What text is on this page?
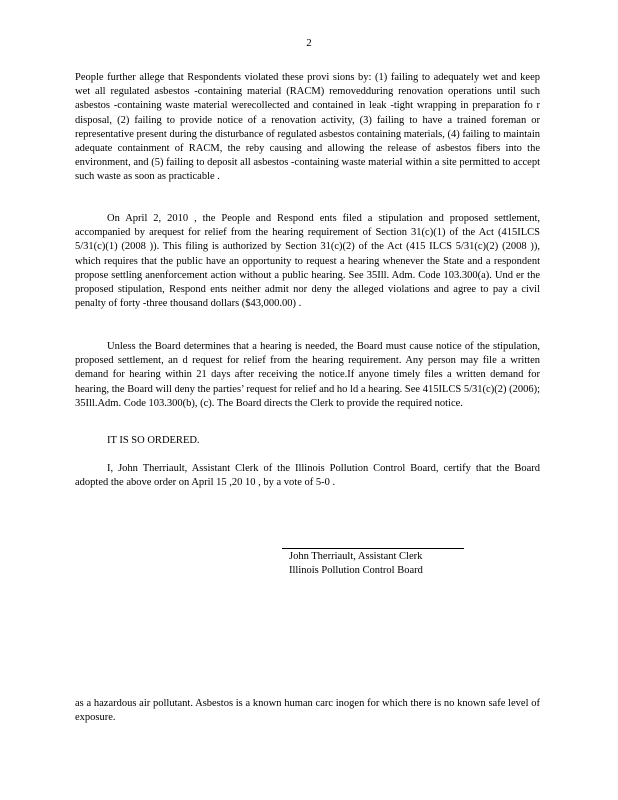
2

People further allege that Respondents violated these provi sions by: (1) failing to adequately wet and keep wet all regulated asbestos -containing material (RACM) removedduring renovation operations until such asbestos -containing waste material werecollected and contained in leak -tight wrapping in preparation fo r disposal, (2) failing to provide notice of a renovation activity, (3) failing to have a trained foreman or representative present during the disturbance of regulated asbestos containing materials, (4) failing to maintain adequate containment of RACM, the reby causing and allowing the release of asbestos fibers into the environment, and (5) failing to deposit all asbestos -containing waste material within a site permitted to accept such waste as soon as practicable .

On April 2, 2010 , the People and Respond ents filed a stipulation and proposed settlement, accompanied by arequest for relief from the hearing requirement of Section 31(c)(1) of the Act (415ILCS 5/31(c)(1) (2008 )). This filing is authorized by Section 31(c)(2) of the Act (415 ILCS 5/31(c)(2) (2008 )), which requires that the public have an opportunity to request a hearing whenever the State and a respondent propose settling anenforcement action without a public hearing. See 35Ill. Adm. Code 103.300(a). Und er the proposed stipulation, Respond ents neither admit nor deny the alleged violations and agree to pay a civil penalty of forty -three thousand dollars ($43,000.00) .

Unless the Board determines that a hearing is needed, the Board must cause notice of the stipulation, proposed settlement, an d request for relief from the hearing requirement. Any person may file a written demand for hearing within 21 days after receiving the notice.If anyone timely files a written demand for hearing, the Board will deny the parties’ request for relief and ho ld a hearing. See 415ILCS 5/31(c)(2) (2006); 35Ill.Adm. Code 103.300(b), (c). The Board directs the Clerk to provide the required notice.

IT IS SO ORDERED.

I, John Therriault, Assistant Clerk of the Illinois Pollution Control Board, certify that the Board adopted the above order on April 15 ,20 10 , by a vote of 5-0 .

John Therriault, Assistant Clerk
Illinois Pollution Control Board

as a hazardous air pollutant. Asbestos is a known human carc inogen for which there is no known safe level of exposure.
